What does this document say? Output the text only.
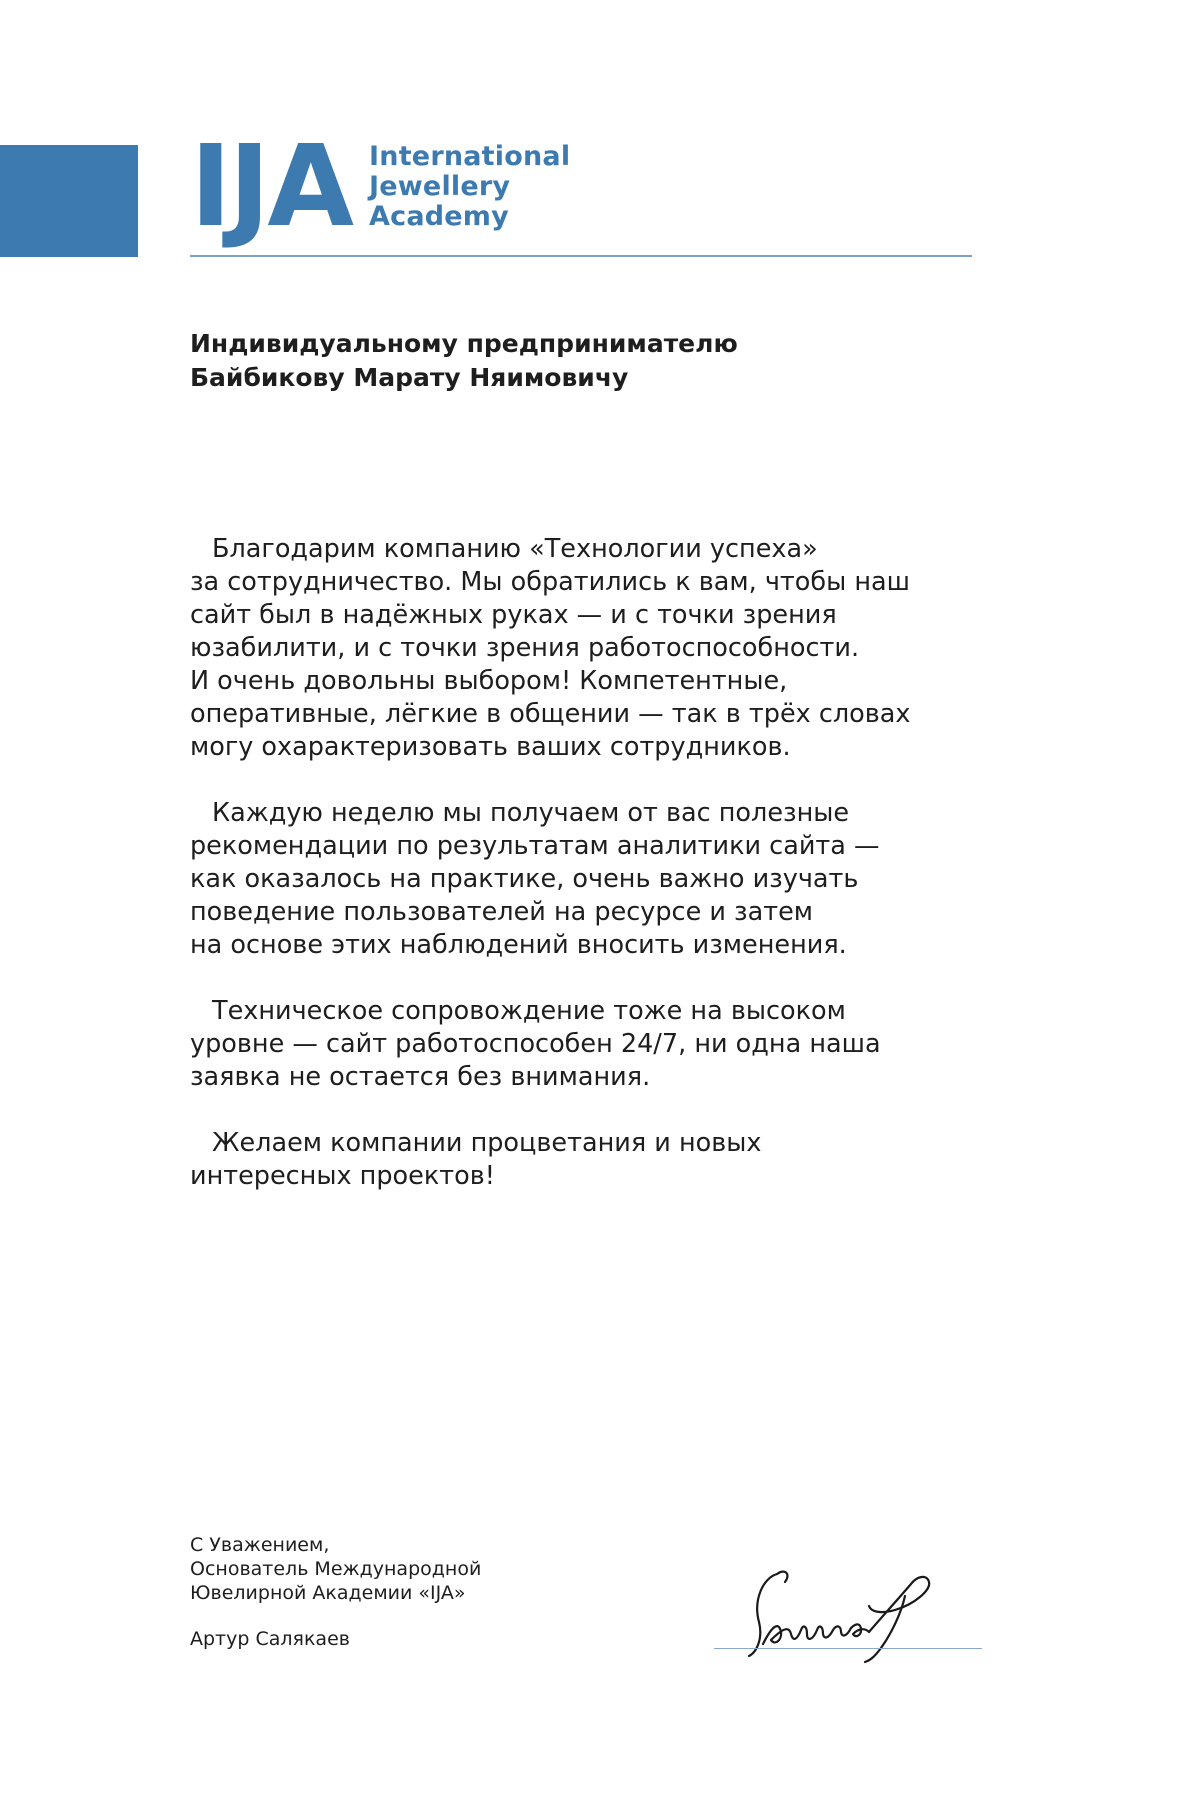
IJA International
Jewellery
Academy
Индивидуальному предпринимателю
Байбикову Марату Няимовичу
Благодарим компанию «Технологии успеха»
за сотрудничество. Мы обратились к вам, чтобы наш
сайт был в надёжных руках — и с точки зрения
юзабилити, и с точки зрения работоспособности.
И очень довольны выбором! Компетентные,
оперативные, лёгкие в общении — так в трёх словах
могу охарактеризовать ваших сотрудников.
Каждую неделю мы получаем от вас полезные
рекомендации по результатам аналитики сайта —
как оказалось на практике, очень важно изучать
поведение пользователей на ресурсе и затем
на основе этих наблюдений вносить изменения.
Техническое сопровождение тоже на высоком
уровне — сайт работоспособен 24/7, ни одна наша
заявка не остается без внимания.
Желаем компании процветания и новых
интересных проектов!
С Уважением,
Основатель Международной
Ювелирной Академии «IJA»
Артур Салякаев
